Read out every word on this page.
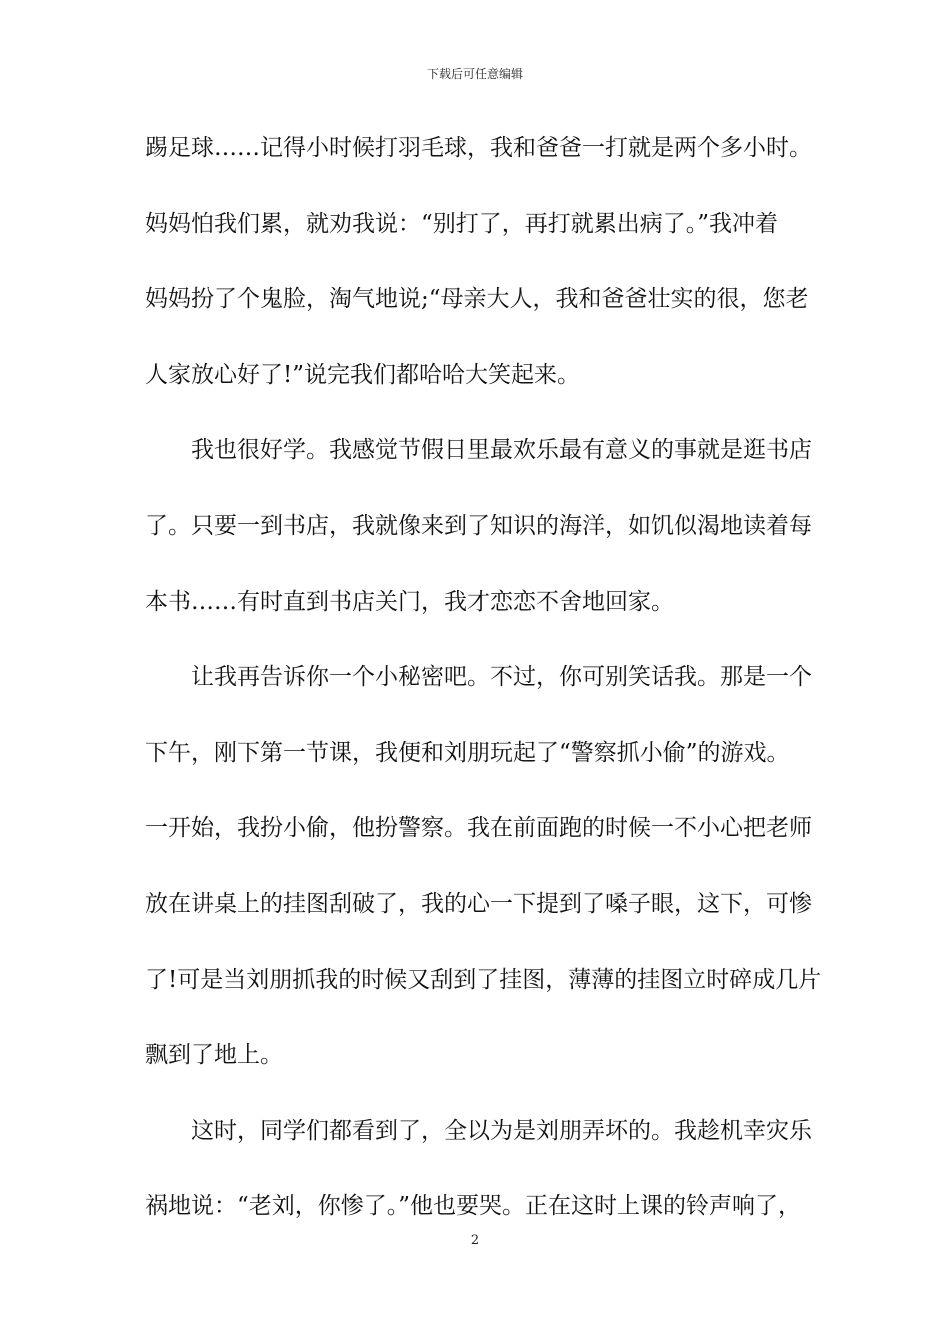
下载后可任意编辑
踢足球……记得小时候打羽毛球，我和爸爸一打就是两个多小时。
妈妈怕我们累，就劝我说：“别打了，再打就累出病了。”我冲着
妈妈扮了个鬼脸，淘气地说;“母亲大人，我和爸爸壮实的很，您老
人家放心好了!”说完我们都哈哈大笑起来。
　　我也很好学。我感觉节假日里最欢乐最有意义的事就是逛书店
了。只要一到书店，我就像来到了知识的海洋，如饥似渴地读着每
本书……有时直到书店关门，我才恋恋不舍地回家。
　　让我再告诉你一个小秘密吧。不过，你可别笑话我。那是一个
下午，刚下第一节课，我便和刘朋玩起了“警察抓小偷”的游戏。
一开始，我扮小偷，他扮警察。我在前面跑的时候一不小心把老师
放在讲桌上的挂图刮破了，我的心一下提到了嗓子眼，这下，可惨
了!可是当刘朋抓我的时候又刮到了挂图，薄薄的挂图立时碎成几片
飘到了地上。
　　这时，同学们都看到了，全以为是刘朋弄坏的。我趁机幸灾乐
祸地说：“老刘，你惨了。”他也要哭。正在这时上课的铃声响了，
2
